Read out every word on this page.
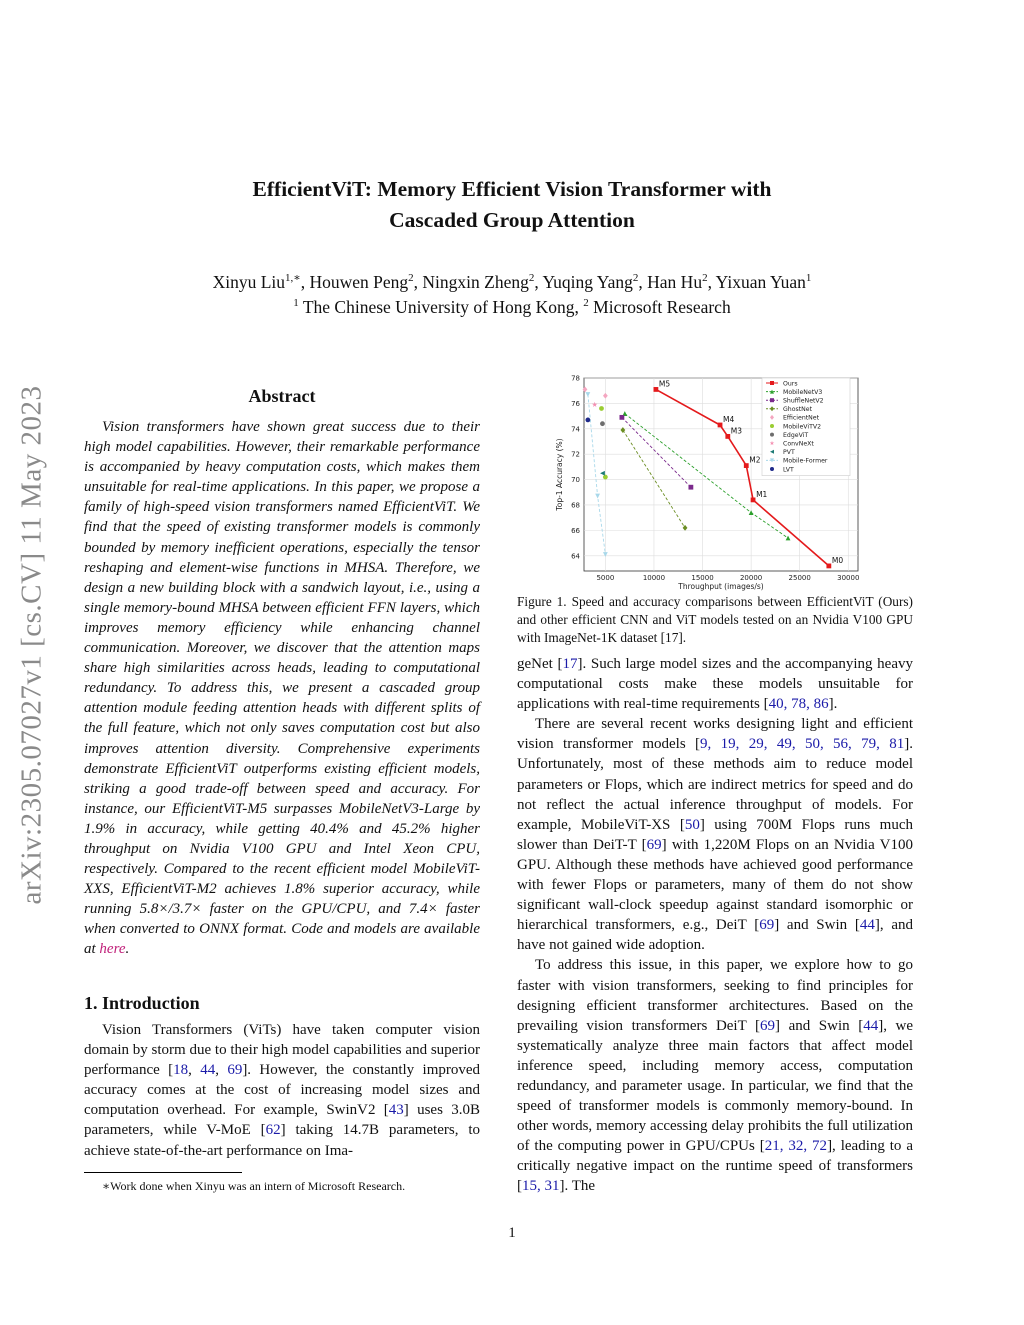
arXiv:2305.07027v1 [cs.CV] 11 May 2023
EfficientViT: Memory Efficient Vision Transformer with
Cascaded Group Attention
Xinyu Liu$^{1,∗}$, Houwen Peng$^2$, Ningxin Zheng$^2$, Yuqing Yang$^2$, Han Hu$^2$, Yixuan Yuan$^1$
$^1$ The Chinese University of Hong Kong, $^2$ Microsoft Research
Abstract

Vision transformers have shown great success due to their high model capabilities. However, their remarkable performance is accompanied by heavy computation costs, which makes them unsuitable for real-time applications. In this paper, we propose a family of high-speed vision transformers named EfficientViT. We find that the speed of existing transformer models is commonly bounded by memory inefficient operations, especially the tensor reshaping and element-wise functions in MHSA. Therefore, we design a new building block with a sandwich layout, i.e., using a single memory-bound MHSA between efficient FFN layers, which improves memory efficiency while enhancing channel communication. Moreover, we discover that the attention maps share high similarities across heads, leading to computational redundancy. To address this, we present a cascaded group attention module feeding attention heads with different splits of the full feature, which not only saves computation cost but also improves attention diversity. Comprehensive experiments demonstrate EfficientViT outperforms existing efficient models, striking a good trade-off between speed and accuracy. For instance, our EfficientViT-M5 surpasses MobileNetV3-Large by 1.9% in accuracy, while getting 40.4% and 45.2% higher throughput on Nvidia V100 GPU and Intel Xeon CPU, respectively. Compared to the recent efficient model MobileViT-XXS, EfficientViT-M2 achieves 1.8% superior accuracy, while running 5.8×/3.7× faster on the GPU/CPU, and 7.4× faster when converted to ONNX format. Code and models are available at here.

1. Introduction

Vision Transformers (ViTs) have taken computer vision domain by storm due to their high model capabilities and superior performance [18, 44, 69]. However, the constantly improved accuracy comes at the cost of increasing model sizes and computation overhead. For example, SwinV2 [43] uses 3.0B parameters, while V-MoE [62] taking 14.7B parameters, to achieve state-of-the-art performance on Ima-

∗Work done when Xinyu was an intern of Microsoft Research.
5000	10000	15000	20000	25000	30000
64
66
68
70
72
74
76
78
Throughput (images/s)
Top-1 Accuracy (%)
M5
M4
M3
M2
M1
M0
Ours
MobileNetV3
ShuffleNetV2
GhostNet
EfficientNet
MobileViTV2
EdgeViT
ConvNeXt
PVT
Mobile-Former
LVT
Figure 1. Speed and accuracy comparisons between EfficientViT (Ours) and other efficient CNN and ViT models tested on an Nvidia V100 GPU with ImageNet-1K dataset [17].

geNet [17]. Such large model sizes and the accompanying heavy computational costs make these models unsuitable for applications with real-time requirements [40, 78, 86].

There are several recent works designing light and efficient vision transformer models [9, 19, 29, 49, 50, 56, 79, 81]. Unfortunately, most of these methods aim to reduce model parameters or Flops, which are indirect metrics for speed and do not reflect the actual inference throughput of models. For example, MobileViT-XS [50] using 700M Flops runs much slower than DeiT-T [69] with 1,220M Flops on an Nvidia V100 GPU. Although these methods have achieved good performance with fewer Flops or parameters, many of them do not show significant wall-clock speedup against standard isomorphic or hierarchical transformers, e.g., DeiT [69] and Swin [44], and have not gained wide adoption.

To address this issue, in this paper, we explore how to go faster with vision transformers, seeking to find principles for designing efficient transformer architectures. Based on the prevailing vision transformers DeiT [69] and Swin [44], we systematically analyze three main factors that affect model inference speed, including memory access, computation redundancy, and parameter usage. In particular, we find that the speed of transformer models is commonly memory-bound. In other words, memory accessing delay prohibits the full utilization of the computing power in GPU/CPUs [21, 32, 72], leading to a critically negative impact on the runtime speed of transformers [15, 31]. The

1
